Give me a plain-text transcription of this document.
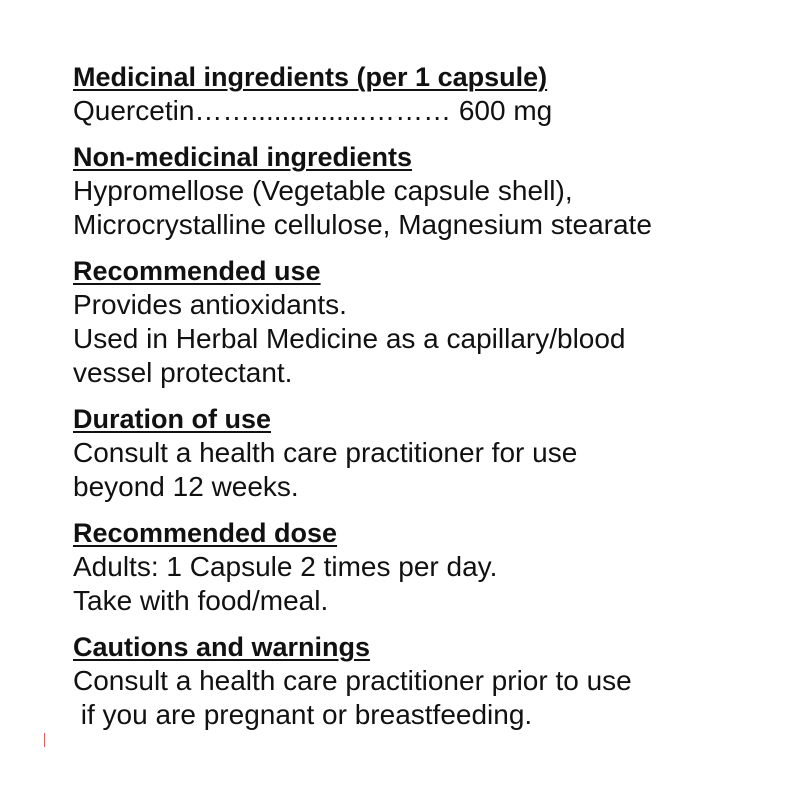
Medicinal ingredients (per 1 capsule)
Quercetin……...............……… 600 mg
Non-medicinal ingredients
Hypromellose (Vegetable capsule shell),
Microcrystalline cellulose, Magnesium stearate
Recommended use
Provides antioxidants.
Used in Herbal Medicine as a capillary/blood
vessel protectant.
Duration of use
Consult a health care practitioner for use
beyond 12 weeks.
Recommended dose
Adults: 1 Capsule 2 times per day.
Take with food/meal.
Cautions and warnings
Consult a health care practitioner prior to use
if you are pregnant or breastfeeding.
